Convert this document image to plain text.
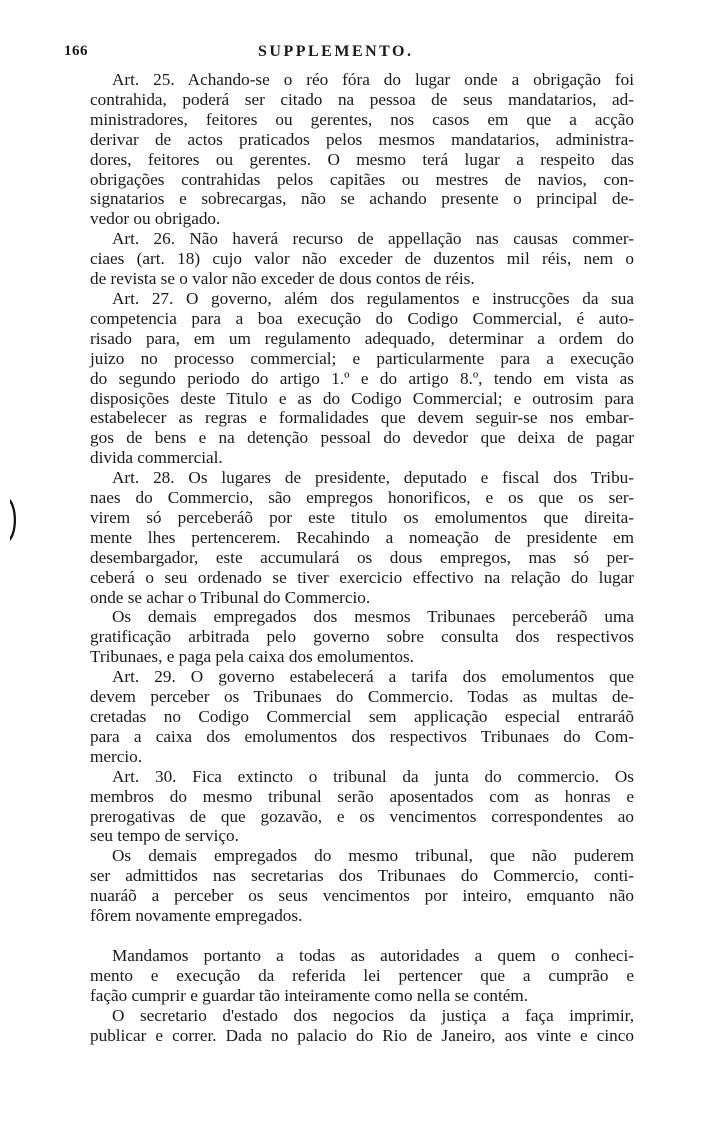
166	SUPPLEMENTO.
Art. 25. Achando-se o réo fóra do lugar onde a obrigação foi
contrahida, poderá ser citado na pessoa de seus mandatarios, ad-
ministradores, feitores ou gerentes, nos casos em que a acção
derivar de actos praticados pelos mesmos mandatarios, administra-
dores, feitores ou gerentes. O mesmo terá lugar a respeito das
obrigações contrahidas pelos capitães ou mestres de navios, con-
signatarios e sobrecargas, não se achando presente o principal de-
vedor ou obrigado.
Art. 26. Não haverá recurso de appellação nas causas commer-
ciaes (art. 18) cujo valor não exceder de duzentos mil réis, nem o
de revista se o valor não exceder de dous contos de réis.
Art. 27. O governo, além dos regulamentos e instrucções da sua
competencia para a boa execução do Codigo Commercial, é auto-
risado para, em um regulamento adequado, determinar a ordem do
juizo no processo commercial; e particularmente para a execução
do segundo periodo do artigo 1.º e do artigo 8.º, tendo em vista as
disposições deste Titulo e as do Codigo Commercial; e outrosim para
estabelecer as regras e formalidades que devem seguir-se nos embar-
gos de bens e na detenção pessoal do devedor que deixa de pagar
divida commercial.
Art. 28. Os lugares de presidente, deputado e fiscal dos Tribu-
naes do Commercio, são empregos honorificos, e os que os ser-
virem só perceberáõ por este titulo os emolumentos que direita-
mente lhes pertencerem. Recahindo a nomeação de presidente em
desembargador, este accumulará os dous empregos, mas só per-
ceberá o seu ordenado se tiver exercicio effectivo na relação do lugar
onde se achar o Tribunal do Commercio.
Os demais empregados dos mesmos Tribunaes perceberáõ uma
gratificação arbitrada pelo governo sobre consulta dos respectivos
Tribunaes, e paga pela caixa dos emolumentos.
Art. 29. O governo estabelecerá a tarifa dos emolumentos que
devem perceber os Tribunaes do Commercio. Todas as multas de-
cretadas no Codigo Commercial sem applicação especial entraráõ
para a caixa dos emolumentos dos respectivos Tribunaes do Com-
mercio.
Art. 30. Fica extincto o tribunal da junta do commercio. Os
membros do mesmo tribunal serão aposentados com as honras e
prerogativas de que gozavão, e os vencimentos correspondentes ao
seu tempo de serviço.
Os demais empregados do mesmo tribunal, que não puderem
ser admittidos nas secretarias dos Tribunaes do Commercio, conti-
nuaráõ a perceber os seus vencimentos por inteiro, emquanto não
fôrem novamente empregados.
Mandamos portanto a todas as autoridades a quem o conheci-
mento e execução da referida lei pertencer que a cumprão e
fação cumprir e guardar tão inteiramente como nella se contém.
O secretario d'estado dos negocios da justiça a faça imprimir,
publicar e correr. Dada no palacio do Rio de Janeiro, aos vinte e cinco
